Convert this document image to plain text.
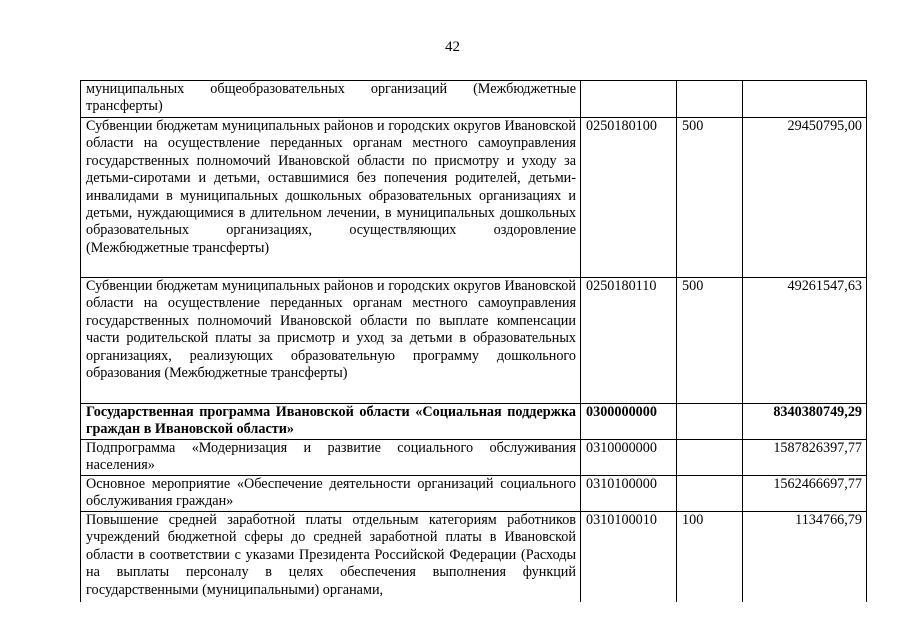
42
муниципальных общеобразовательных организаций (Межбюджетные трансферты)			
Субвенции бюджетам муниципальных районов и городских округов Ивановской области на осуществление переданных органам местного самоуправления государственных полномочий Ивановской области по присмотру и уходу за детьми-сиротами и детьми, оставшимися без попечения родителей, детьми-инвалидами в муниципальных дошкольных образовательных организациях и детьми, нуждающимися в длительном лечении, в муниципальных дошкольных образовательных организациях, осуществляющих оздоровление (Межбюджетные трансферты)	0250180100	500	29450795,00
Субвенции бюджетам муниципальных районов и городских округов Ивановской области на осуществление переданных органам местного самоуправления государственных полномочий Ивановской области по выплате компенсации части родительской платы за присмотр и уход за детьми в образовательных организациях, реализующих образовательную программу дошкольного образования (Межбюджетные трансферты)	0250180110	500	49261547,63
Государственная программа Ивановской области «Социальная поддержка граждан в Ивановской области»	0300000000		8340380749,29
Подпрограмма «Модернизация и развитие социального обслуживания населения»	0310000000		1587826397,77
Основное мероприятие «Обеспечение деятельности организаций социального обслуживания граждан»	0310100000		1562466697,77
Повышение средней заработной платы отдельным категориям работников учреждений бюджетной сферы до средней заработной платы в Ивановской области в соответствии с указами Президента Российской Федерации (Расходы на выплаты персоналу в целях обеспечения выполнения функций государственными (муниципальными) органами,	0310100010	100	1134766,79
